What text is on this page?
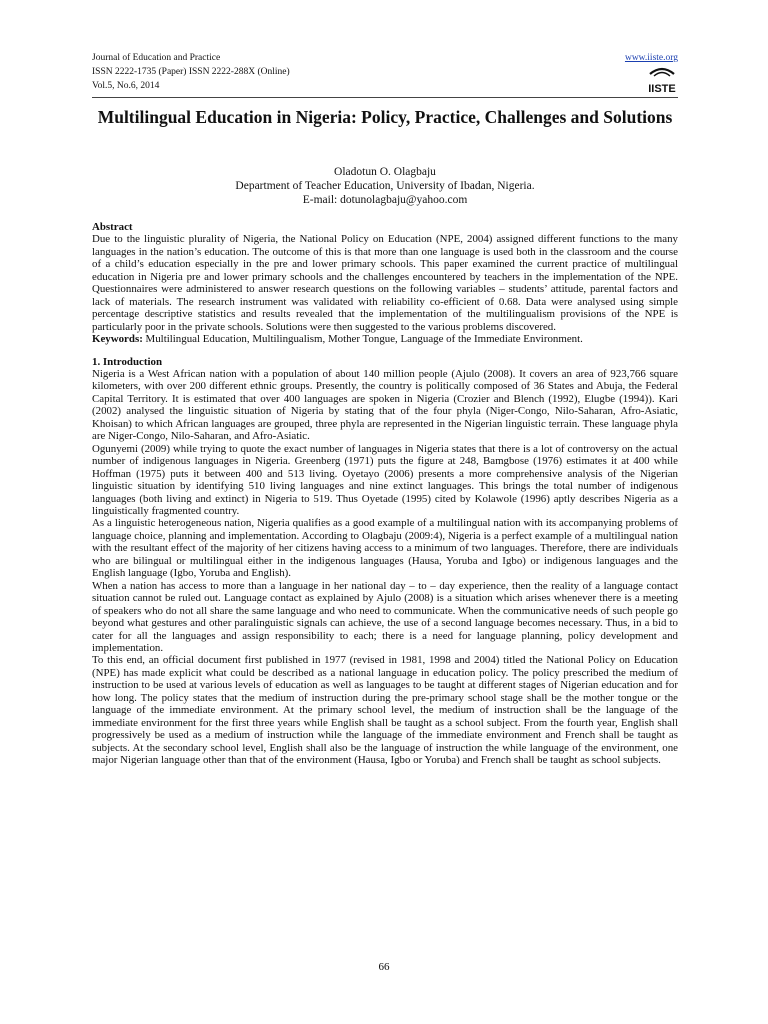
Journal of Education and Practice
ISSN 2222-1735 (Paper) ISSN 2222-288X (Online)
Vol.5, No.6, 2014
www.iiste.org
IISTE
Multilingual Education in Nigeria: Policy, Practice, Challenges and Solutions
Oladotun O. Olagbaju
Department of Teacher Education, University of Ibadan, Nigeria.
E-mail: dotunolagbaju@yahoo.com

Abstract

Due to the linguistic plurality of Nigeria, the National Policy on Education (NPE, 2004) assigned different functions to the many languages in the nation’s education. The outcome of this is that more than one language is used both in the classroom and the course of a child’s education especially in the pre and lower primary schools. This paper examined the current practice of multilingual education in Nigeria pre and lower primary schools and the challenges encountered by teachers in the implementation of the NPE. Questionnaires were administered to answer research questions on the following variables – students’ attitude, parental factors and lack of materials. The research instrument was validated with reliability co-efficient of 0.68. Data were analysed using simple percentage descriptive statistics and results revealed that the implementation of the multilingualism provisions of the NPE is particularly poor in the private schools. Solutions were then suggested to the various problems discovered.

Keywords: Multilingual Education, Multilingualism, Mother Tongue, Language of the Immediate Environment.

1. Introduction

Nigeria is a West African nation with a population of about 140 million people (Ajulo (2008). It covers an area of 923,766 square kilometers, with over 200 different ethnic groups. Presently, the country is politically composed of 36 States and Abuja, the Federal Capital Territory. It is estimated that over 400 languages are spoken in Nigeria (Crozier and Blench (1992), Elugbe (1994)). Kari (2002) analysed the linguistic situation of Nigeria by stating that of the four phyla (Niger-Congo, Nilo-Saharan, Afro-Asiatic, Khoisan) to which African languages are grouped, three phyla are represented in the Nigerian linguistic terrain. These language phyla are Niger-Congo, Nilo-Saharan, and Afro-Asiatic.

Ogunyemi (2009) while trying to quote the exact number of languages in Nigeria states that there is a lot of controversy on the actual number of indigenous languages in Nigeria. Greenberg (1971) puts the figure at 248, Bamgbose (1976) estimates it at 400 while Hoffman (1975) puts it between 400 and 513 living. Oyetayo (2006) presents a more comprehensive analysis of the Nigerian linguistic situation by identifying 510 living languages and nine extinct languages. This brings the total number of indigenous languages (both living and extinct) in Nigeria to 519. Thus Oyetade (1995) cited by Kolawole (1996) aptly describes Nigeria as a linguistically fragmented country.

As a linguistic heterogeneous nation, Nigeria qualifies as a good example of a multilingual nation with its accompanying problems of language choice, planning and implementation. According to Olagbaju (2009:4), Nigeria is a perfect example of a multilingual nation with the resultant effect of the majority of her citizens having access to a minimum of two languages. Therefore, there are individuals who are bilingual or multilingual either in the indigenous languages (Hausa, Yoruba and Igbo) or indigenous languages and the English language (Igbo, Yoruba and English).

When a nation has access to more than a language in her national day – to – day experience, then the reality of a language contact situation cannot be ruled out. Language contact as explained by Ajulo (2008) is a situation which arises whenever there is a meeting of speakers who do not all share the same language and who need to communicate. When the communicative needs of such people go beyond what gestures and other paralinguistic signals can achieve, the use of a second language becomes necessary. Thus, in a bid to cater for all the languages and assign responsibility to each; there is a need for language planning, policy development and implementation.

To this end, an official document first published in 1977 (revised in 1981, 1998 and 2004) titled the National Policy on Education (NPE) has made explicit what could be described as a national language in education policy. The policy prescribed the medium of instruction to be used at various levels of education as well as languages to be taught at different stages of Nigerian education and for how long. The policy states that the medium of instruction during the pre-primary school stage shall be the mother tongue or the language of the immediate environment. At the primary school level, the medium of instruction shall be the language of the immediate environment for the first three years while English shall be taught as a school subject. From the fourth year, English shall progressively be used as a medium of instruction while the language of the immediate environment and French shall be taught as subjects. At the secondary school level, English shall also be the language of instruction the while language of the environment, one major Nigerian language other than that of the environment (Hausa, Igbo or Yoruba) and French shall be taught as school subjects.

66
